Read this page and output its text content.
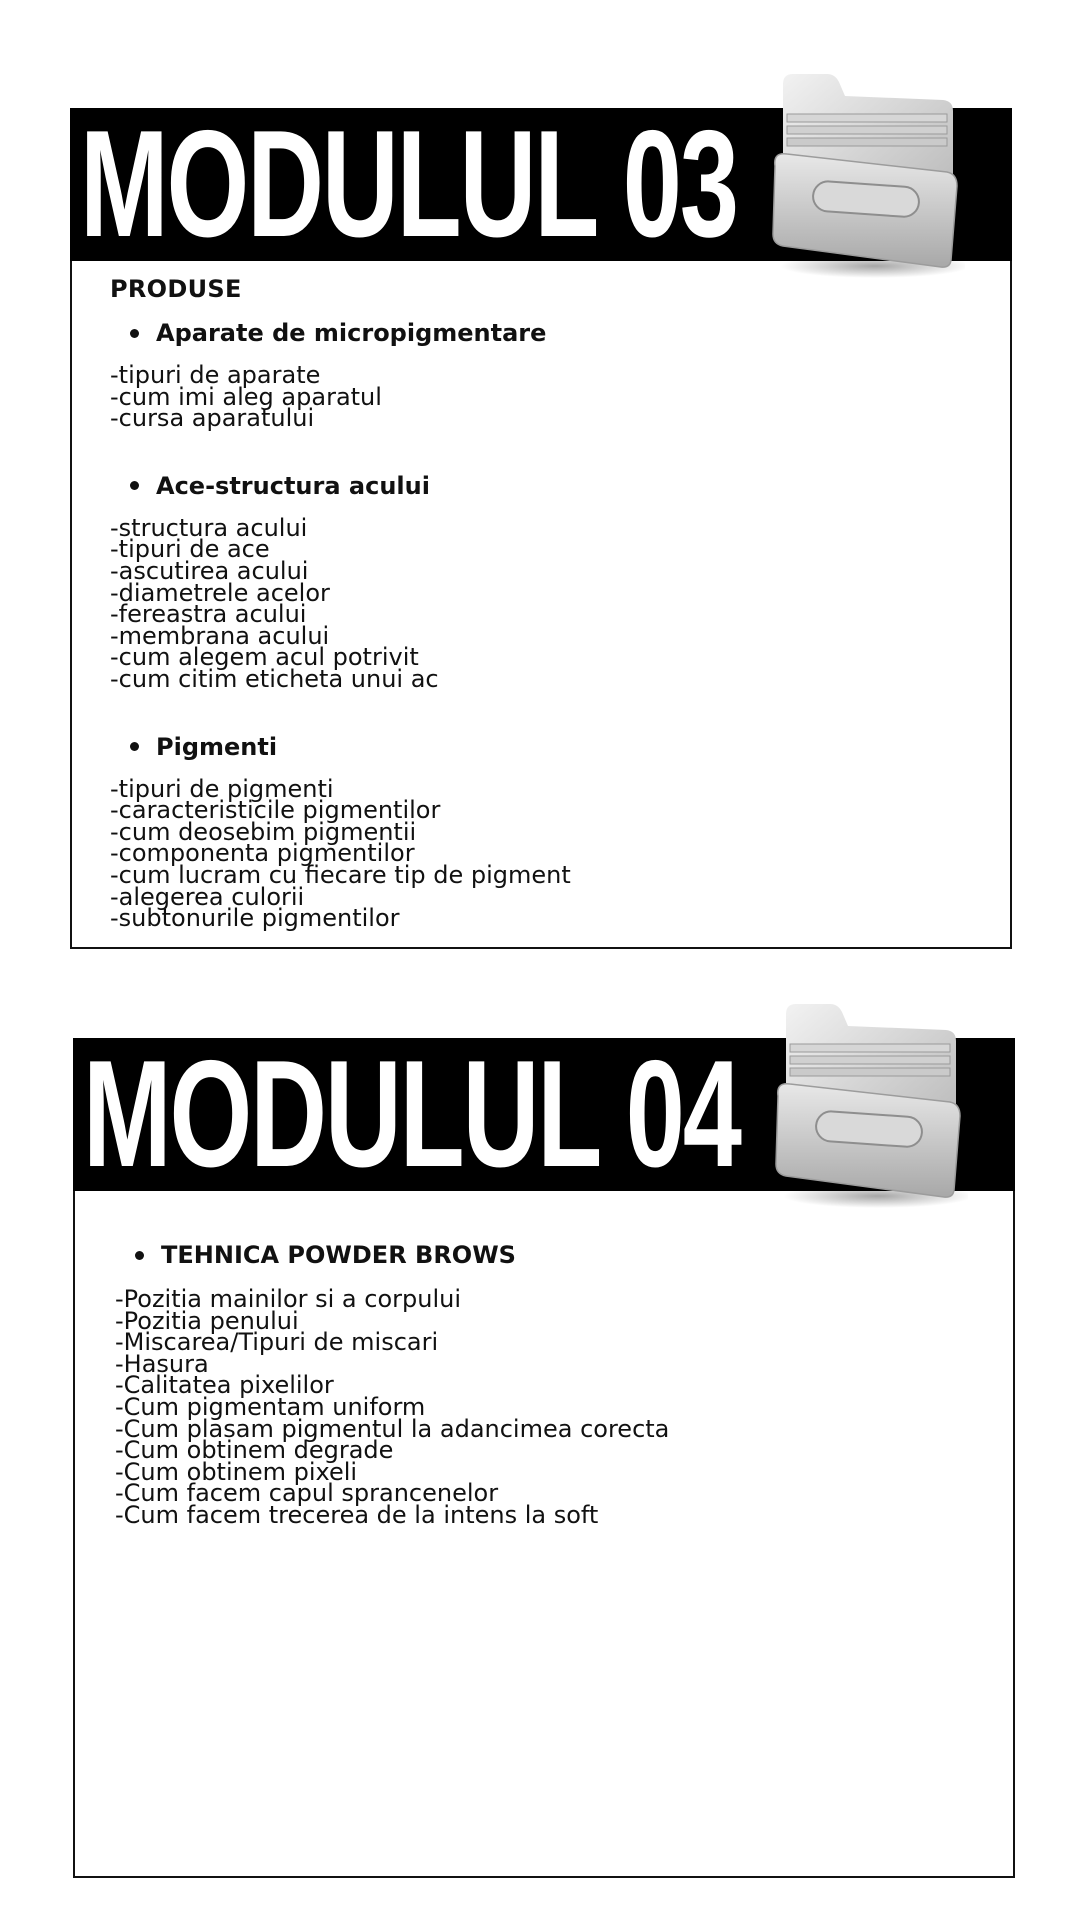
MODULUL 03
PRODUSE
Aparate de micropigmentare
-tipuri de aparate
-cum imi aleg aparatul
-cursa aparatului
Ace-structura acului
-structura acului
-tipuri de ace
-ascutirea acului
-diametrele acelor
-fereastra acului
-membrana acului
-cum alegem acul potrivit
-cum citim eticheta unui ac
Pigmenti
-tipuri de pigmenti
-caracteristicile pigmentilor
-cum deosebim pigmentii
-componenta pigmentilor
-cum lucram cu fiecare tip de pigment
-alegerea culorii
-subtonurile pigmentilor
MODULUL 04
TEHNICA POWDER BROWS
-Pozitia mainilor si a corpului
-Pozitia penului
-Miscarea/Tipuri de miscari
-Hasura
-Calitatea pixelilor
-Cum pigmentam uniform
-Cum plasam pigmentul la adancimea corecta
-Cum obtinem degrade
-Cum obtinem pixeli
-Cum facem capul sprancenelor
-Cum facem trecerea de la intens la soft
